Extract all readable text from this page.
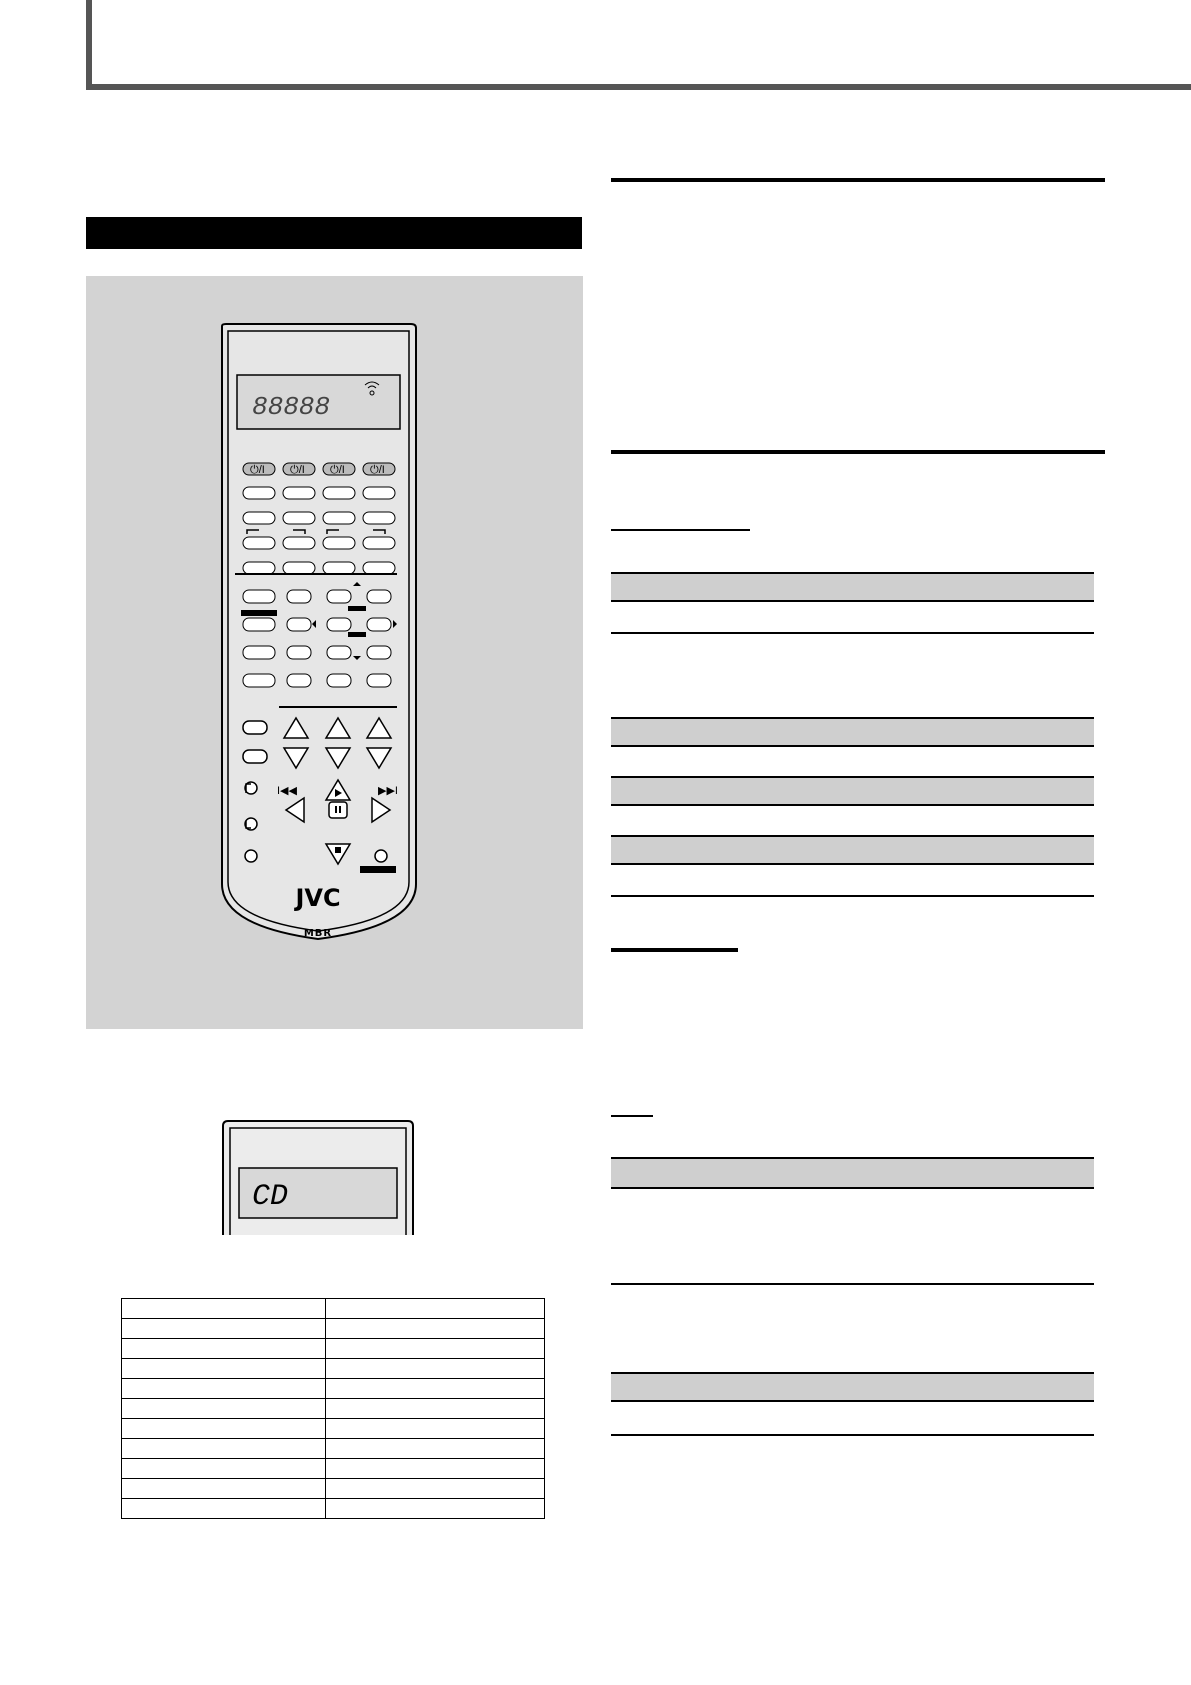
88888
⏻/I ⏻/I ⏻/I ⏻/I
I◀◀	▶▶I
JVC
MBR
CD
